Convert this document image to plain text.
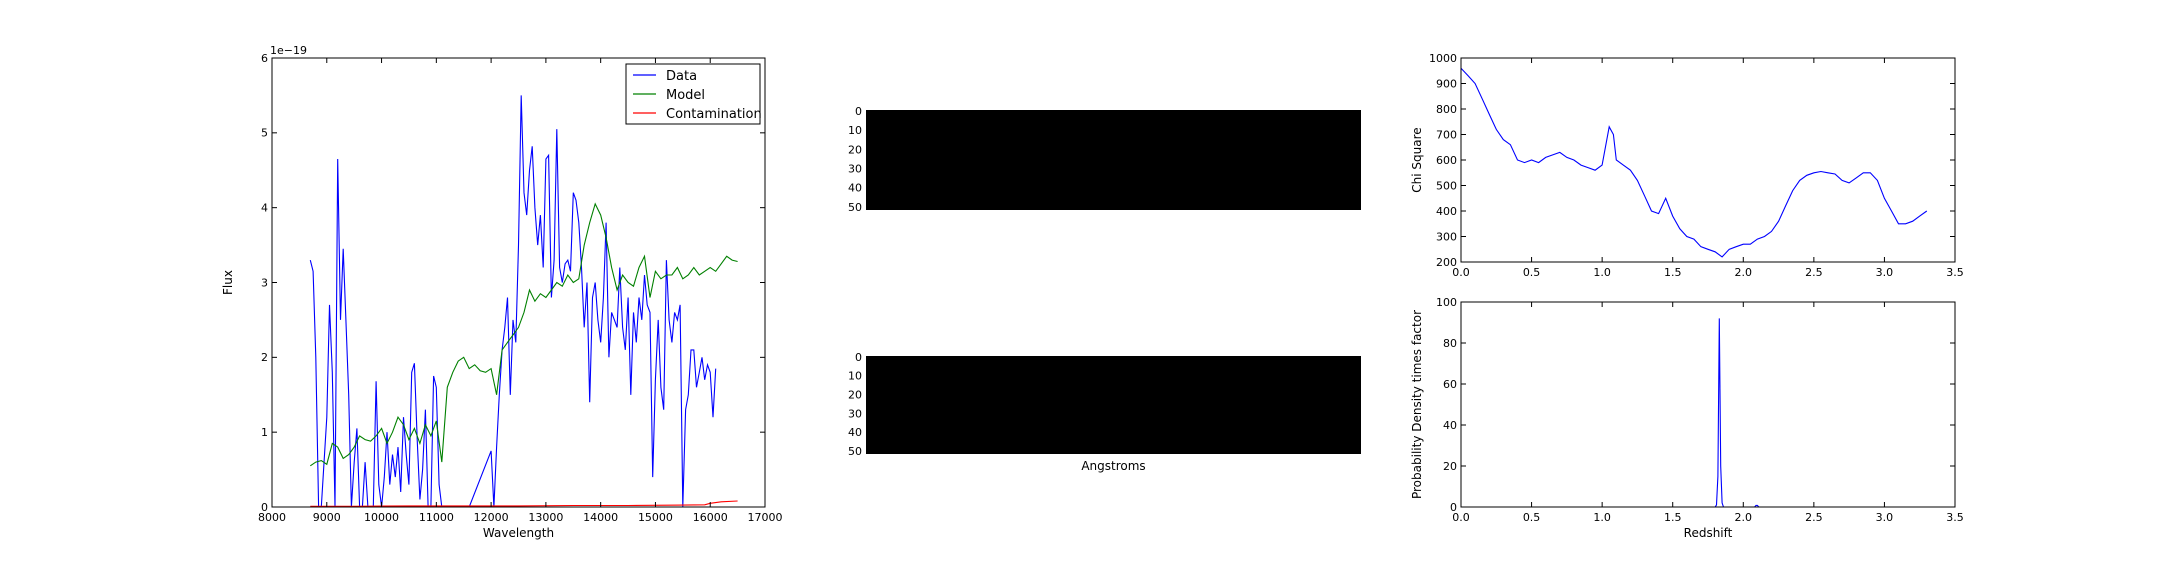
8000 9000 10000 11000 12000 13000 14000 15000 16000 17000
0
1
2
3
4
5
6
Wavelength
Flux
1e−19
Data
Model
Contamination	0
10
20
30
40
50
0
10
20
30
40
50
Angstroms
0.0	0.5	1.0	1.5	2.0	2.5	3.0	3.5
200
300
400
500
600
700
800
900
1000
Chi Square
0.0	0.5	1.0	1.5	2.0	2.5	3.0	3.5
0
20
40
60
80
100
Redshift
Probability Density times factor
